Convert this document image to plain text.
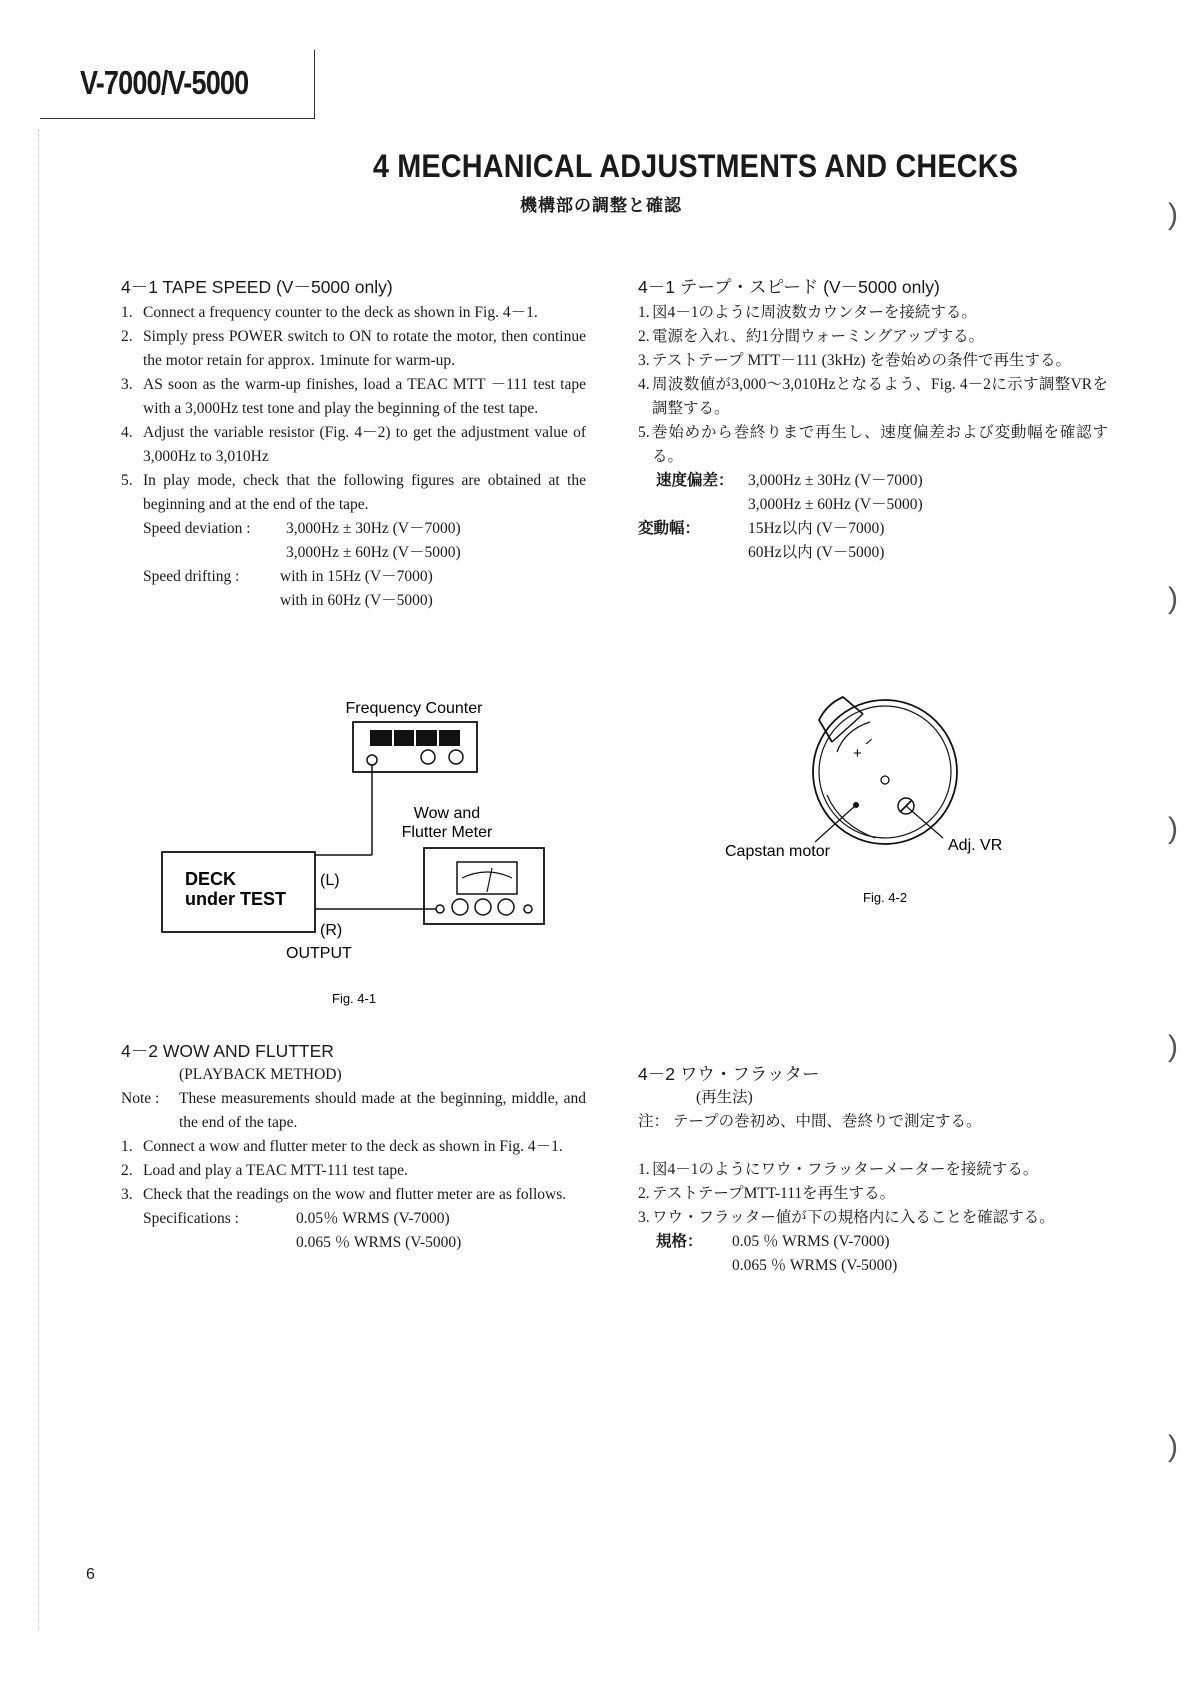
V-7000/V-5000
4 MECHANICAL ADJUSTMENTS AND CHECKS
機構部の調整と確認
4－1 TAPE SPEED (V－5000 only)
1. Connect a frequency counter to the deck as shown in Fig. 4－1.
2. Simply press POWER switch to ON to rotate the motor, then continue the motor retain for approx. 1minute for warm-up.
3. AS soon as the warm-up finishes, load a TEAC MTT －111 test tape with a 3,000Hz test tone and play the beginning of the test tape.
4. Adjust the variable resistor (Fig. 4－2) to get the adjustment value of 3,000Hz to 3,010Hz
5. In play mode, check that the following figures are obtained at the beginning and at the end of the tape.
Speed deviation : 3,000Hz ± 30Hz (V－7000)
3,000Hz ± 60Hz (V－5000)
Speed drifting :	with in 15Hz (V－7000)
with in 60Hz (V－5000)
Frequency Counter
Wow and
Flutter Meter
DECK
under TEST
(L)
(R)
OUTPUT
Fig. 4-1
4－2 WOW AND FLUTTER
(PLAYBACK METHOD)
Note : These measurements should made at the beginning, middle, and the end of the tape.
1. Connect a wow and flutter meter to the deck as shown in Fig. 4－1.
2. Load and play a TEAC MTT-111 test tape.
3. Check that the readings on the wow and flutter meter are as follows.
Specifications :	0.05％ WRMS (V-7000)
0.065 ％ WRMS (V-5000)
4－1 テープ・スピード (V－5000 only)
1. 図4－1のように周波数カウンターを接続する。
2. 電源を入れ、約1分間ウォーミングアップする。
3. テストテープ MTT－111 (3kHz) を巻始めの条件で再生する。
4. 周波数値が3,000～3,010Hzとなるよう、Fig. 4－2に示す調整VRを調整する。
5. 巻始めから巻終りまで再生し、速度偏差および変動幅を確認する。
速度偏差： 3,000Hz ± 30Hz (V－7000)
3,000Hz ± 60Hz (V－5000)
変動幅：	15Hz以内 (V－7000)
60Hz以内 (V－5000)
+
−
Capstan motor	Adj. VR
Fig. 4-2
4－2 ワウ・フラッター
(再生法)
注： テープの巻初め、中間、巻終りで測定する。
1. 図4－1のようにワウ・フラッターメーターを接続する。
2. テストテープMTT-111を再生する。
3. ワウ・フラッター値が下の規格内に入ることを確認する。
規格： 0.05 ％ WRMS (V-7000)
0.065 ％ WRMS (V-5000)
)
)
)
)
)
6
